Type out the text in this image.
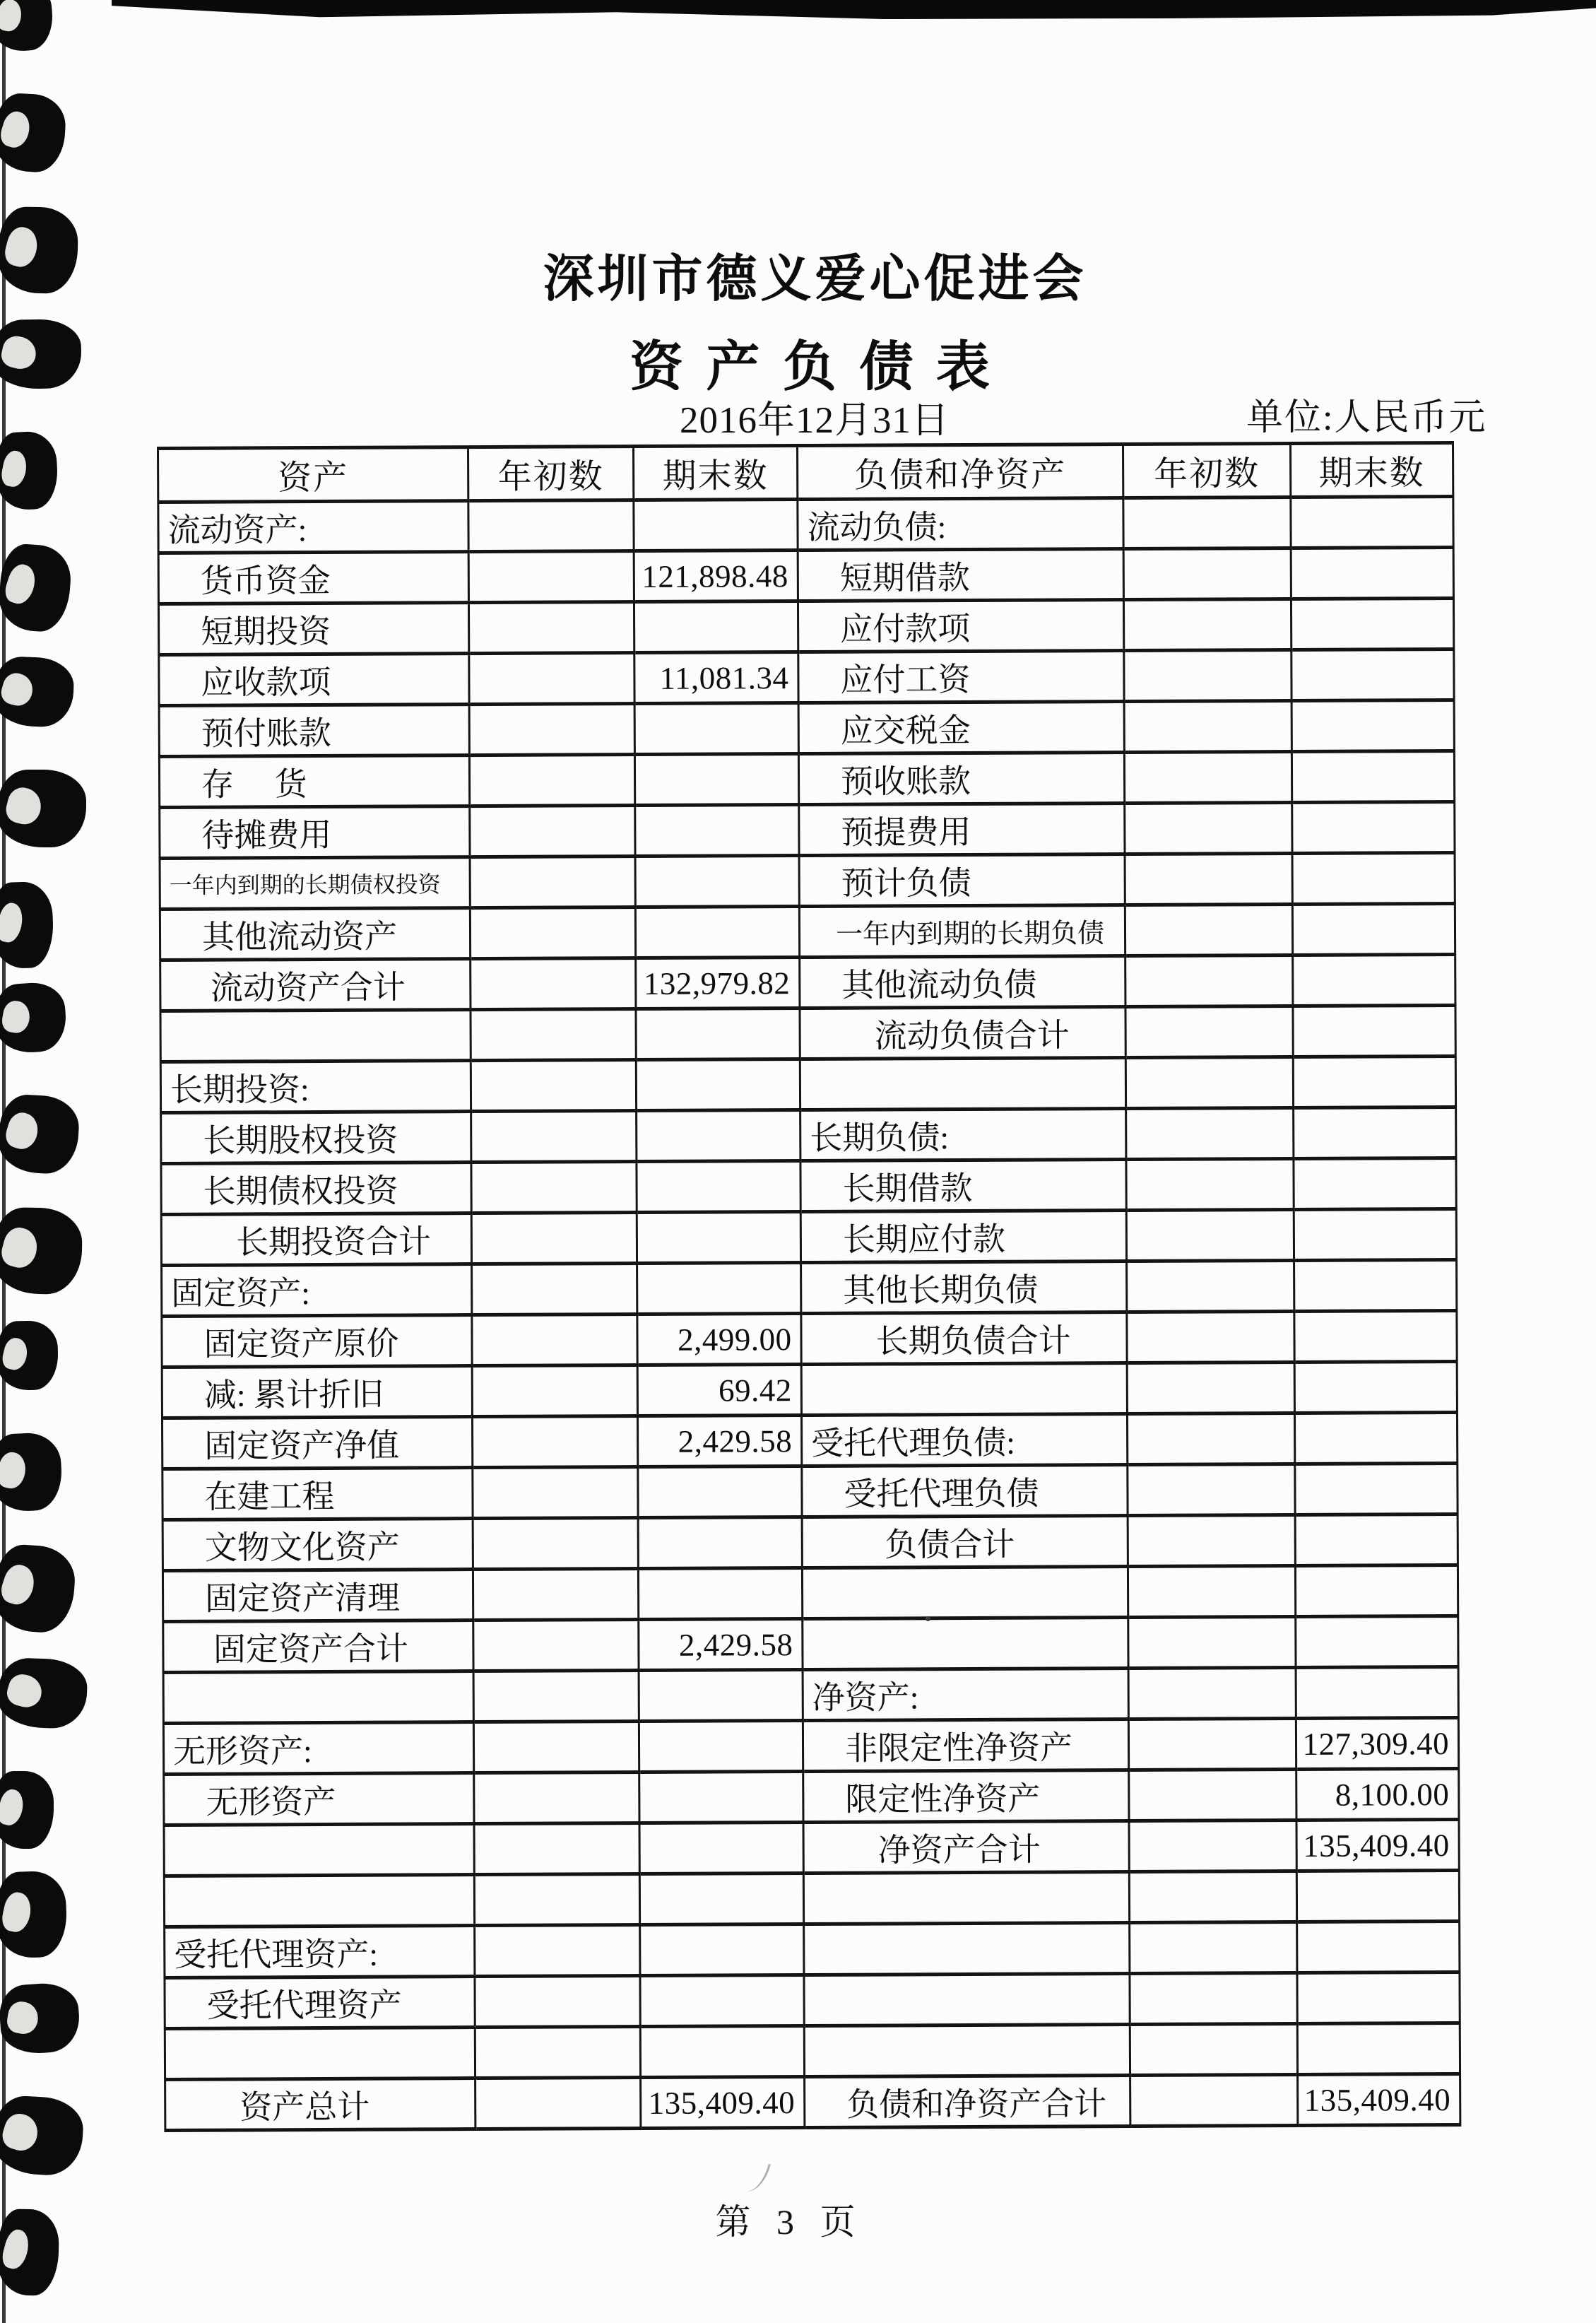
深圳市德义爱心促进会
资 产 负 债 表
2016年12月31日	单位:人民币元
资产	年初数	期末数	负债和净资产	年初数	期末数
流动资产:			流动负债:		
　货币资金		121,898.48	　短期借款		
　短期投资			　应付款项		
　应收款项		11,081.34	　应付工资		
　预付账款			　应交税金		
　存　 货			　预收账款		
　待摊费用			　预提费用		
一年内到期的长期债权投资			　预计负债		
　其他流动资产			　一年内到期的长期负债		
　 流动资产合计		132,979.82	　其他流动负债		
			　　流动负债合计		
长期投资:					
　长期股权投资			长期负债:		
　长期债权投资			　长期借款		
　　长期投资合计			　长期应付款		
固定资产:			　其他长期负债		
　固定资产原价		2,499.00	　　长期负债合计		
　减: 累计折旧		69.42			
　固定资产净值		2,429.58	受托代理负债:		
　在建工程			　受托代理负债		
　文物文化资产			　　 负债合计		
　固定资产清理					
　 固定资产合计		2,429.58			
			净资产:		
无形资产:			　非限定性净资产		127,309.40
　无形资产			　限定性净资产		8,100.00
			　　净资产合计		135,409.40

受托代理资产:					
　受托代理资产					

　　资产总计		135,409.40	　负债和净资产合计		135,409.40
第 3 页
